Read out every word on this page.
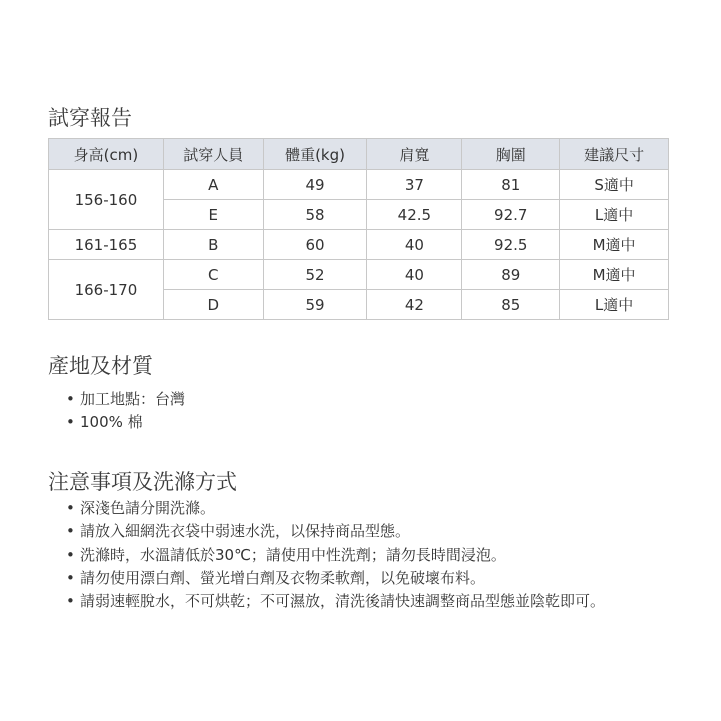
試穿報告
身高(cm)	試穿人員	體重(kg)	肩寬	胸圍	建議尺寸
156-160	A	49	37	81	S適中
	E	58	42.5	92.7	L適中
161-165	B	60	40	92.5	M適中
166-170	C	52	40	89	M適中
	D	59	42	85	L適中
產地及材質
• 加工地點：台灣
• 100% 棉
注意事項及洗滌方式
• 深淺色請分開洗滌。
• 請放入細網洗衣袋中弱速水洗，以保持商品型態。
• 洗滌時，水溫請低於30℃；請使用中性洗劑；請勿長時間浸泡。
• 請勿使用漂白劑、螢光增白劑及衣物柔軟劑，以免破壞布料。
• 請弱速輕脫水，不可烘乾；不可濕放，清洗後請快速調整商品型態並陰乾即可。
